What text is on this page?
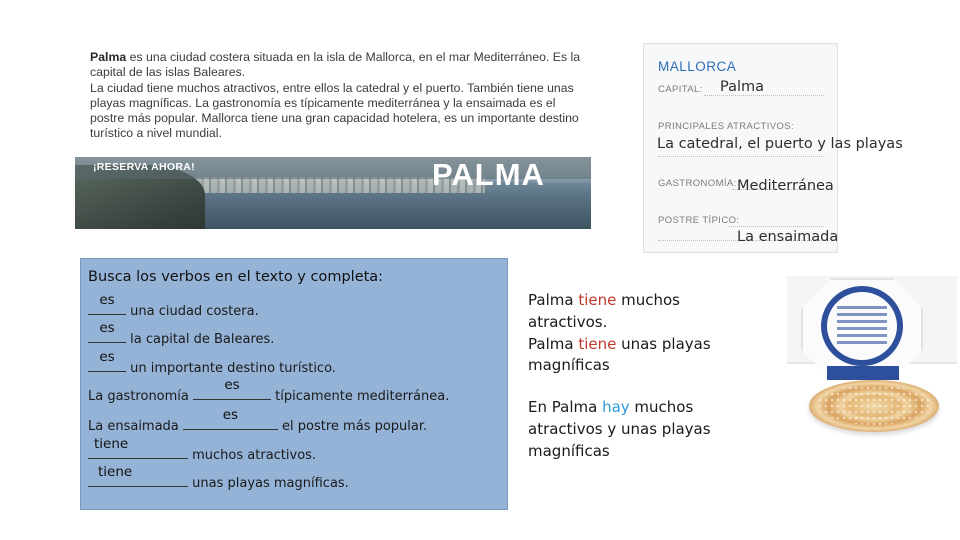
Palma es una ciudad costera situada en la isla de Mallorca, en el mar Mediterráneo. Es la capital de las islas Baleares.

La ciudad tiene muchos atractivos, entre ellos la catedral y el puerto. También tiene unas playas magníficas. La gastronomía es típicamente mediterránea y la ensaimada es el postre más popular. Mallorca tiene una gran capacidad hotelera, es un importante destino turístico a nivel mundial.

¡RESERVA AHORA!	PALMA
MALLORCA
CAPITAL:
PRINCIPALES ATRACTIVOS:
GASTRONOMÍA:
POSTRE TÍPICO:
Palma
La catedral, el puerto y las playas
Mediterránea
La ensaimada
Busca los verbos en el texto y completa:
es
una ciudad costera.
es
la capital de Baleares.
es
un importante destino turístico.
La gastronomía
es
típicamente mediterránea.
La ensaimada
es
el postre más popular.
tiene
muchos atractivos.
tiene
unas playas magníficas.

Palma tiene muchos atractivos.

Palma tiene unas playas magníficas

En Palma hay muchos atractivos y unas playas magníficas
